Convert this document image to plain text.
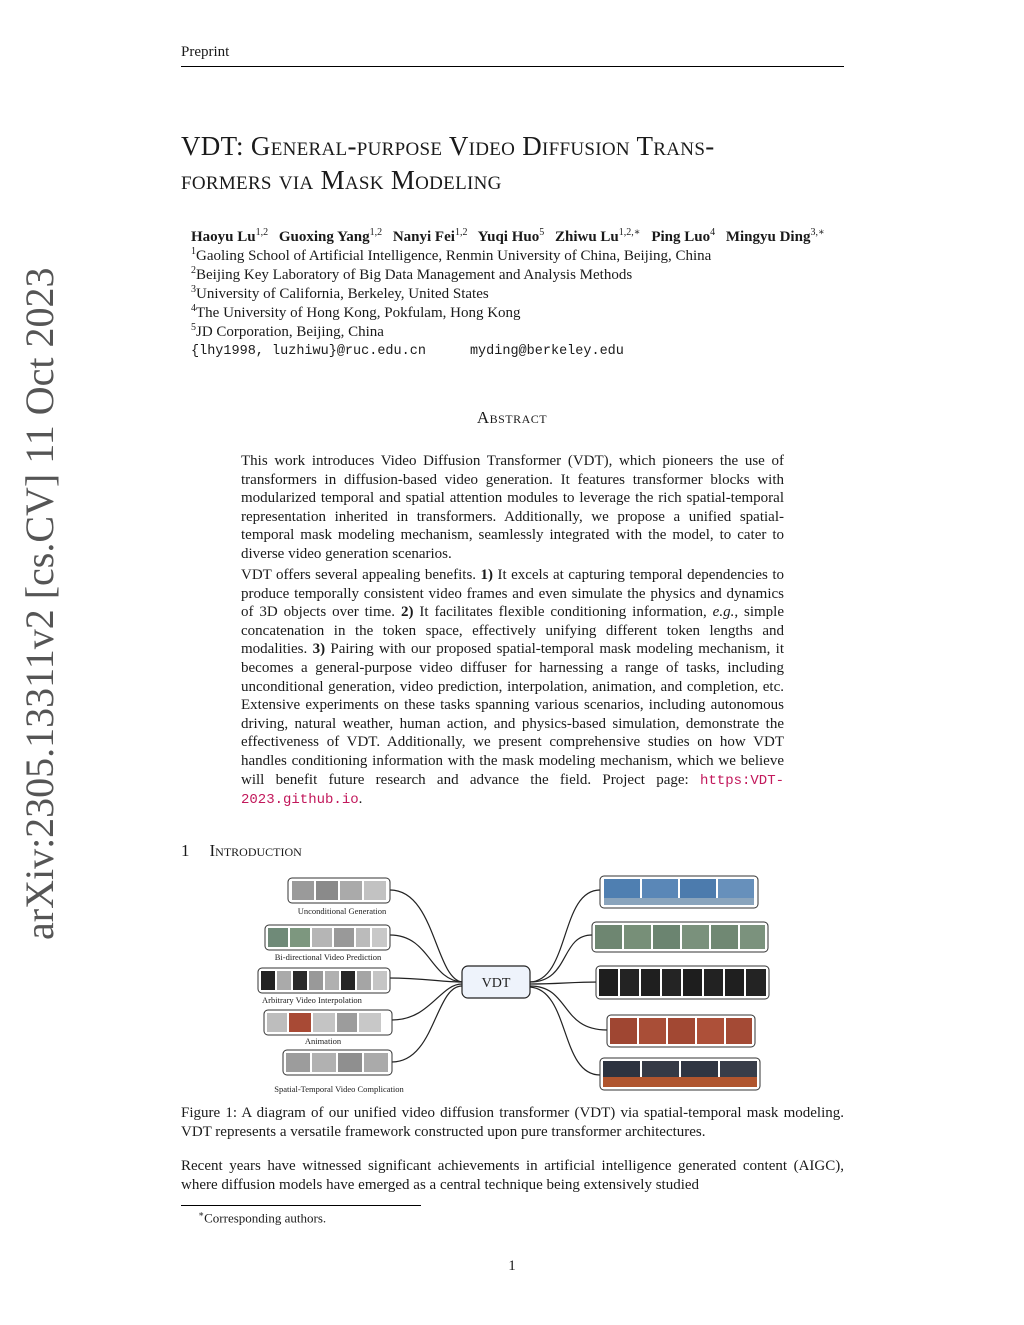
Preprint
arXiv:2305.13311v2 [cs.CV] 11 Oct 2023
VDT: General-purpose Video Diffusion Trans-
formers via Mask Modeling
Haoyu Lu$^{1,2}$ Guoxing Yang$^{1,2}$ Nanyi Fei$^{1,2}$ Yuqi Huo$^5$ Zhiwu $Lu^{1,2,∗}$ Ping Luo$^4$ Mingyu Ding$^{3,∗}$
$^1$Gaoling School of Artificial Intelligence, Renmin University of China, Beijing, China
$^2$Beijing Key Laboratory of Big Data Management and Analysis Methods
$^3$University of California, Berkeley, United States
$^4$The University of Hong Kong, Pokfulam, Hong Kong
$^5$JD Corporation, Beijing, China
{lhy1998, luzhiwu}@ruc.edu.cn	myding@berkeley.edu
Abstract

This work introduces Video Diffusion Transformer (VDT), which pioneers the use of transformers in diffusion-based video generation. It features transformer blocks with modularized temporal and spatial attention modules to leverage the rich spatial-temporal representation inherited in transformers. Additionally, we propose a unified spatial-temporal mask modeling mechanism, seamlessly integrated with the model, to cater to diverse video generation scenarios.

VDT offers several appealing benefits. 1) It excels at capturing temporal dependencies to produce temporally consistent video frames and even simulate the physics and dynamics of 3D objects over time. 2) It facilitates flexible conditioning information, e.g., simple concatenation in the token space, effectively unifying different token lengths and modalities. 3) Pairing with our proposed spatial-temporal mask modeling mechanism, it becomes a general-purpose video diffuser for harnessing a range of tasks, including unconditional generation, video prediction, interpolation, animation, and completion, etc. Extensive experiments on these tasks spanning various scenarios, including autonomous driving, natural weather, human action, and physics-based simulation, demonstrate the effectiveness of VDT. Additionally, we present comprehensive studies on how VDT handles conditioning information with the mask modeling mechanism, which we believe will benefit future research and advance the field. Project page: https:VDT-2023.github.io.

1 Introduction
VDT
Unconditional Generation
Bi-directional Video Prediction
Arbitrary Video Interpolation
Animation
Spatial-Temporal Video Complication

Figure 1: A diagram of our unified video diffusion transformer (VDT) via spatial-temporal mask modeling. VDT represents a versatile framework constructed upon pure transformer architectures.

Recent years have witnessed significant achievements in artificial intelligence generated content (AIGC), where diffusion models have emerged as a central technique being extensively studied

∗Corresponding authors.
1
